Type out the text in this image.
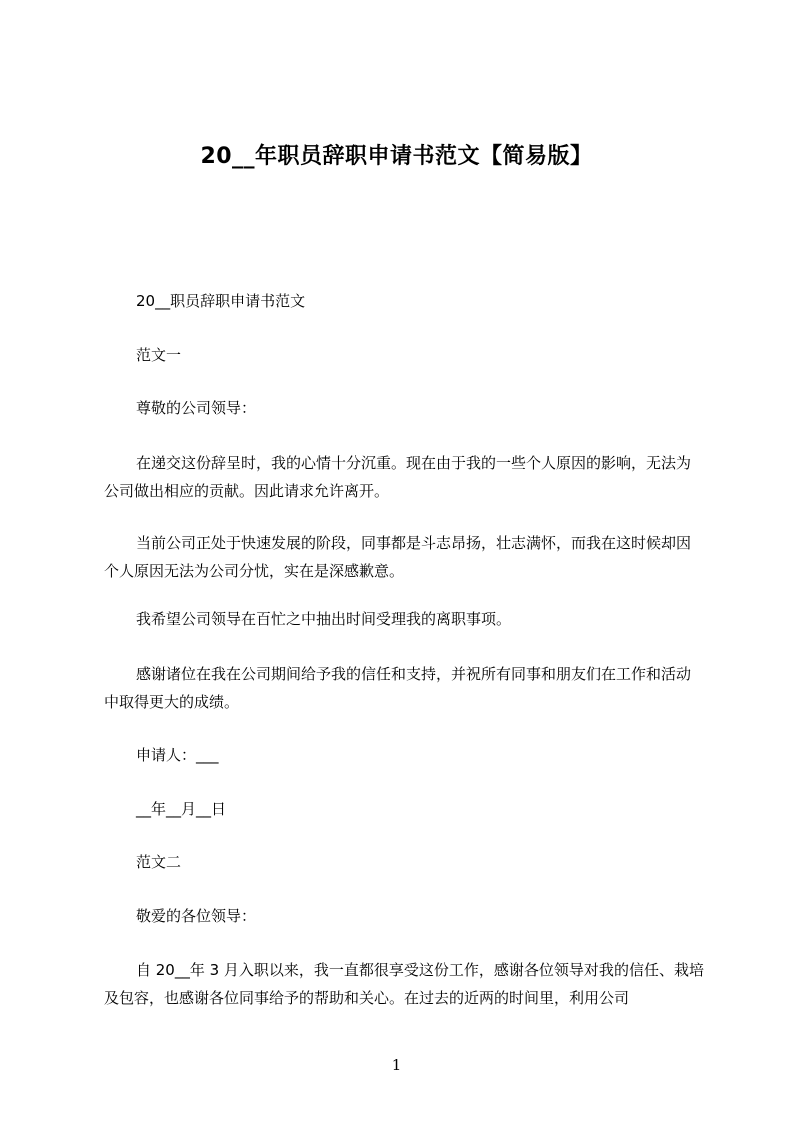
20__年职员辞职申请书范文【简易版】
20__职员辞职申请书范文
范文一
尊敬的公司领导：
在递交这份辞呈时，我的心情十分沉重。现在由于我的一些个人原因的影响，无法为公司做出相应的贡献。因此请求允许离开。
当前公司正处于快速发展的阶段，同事都是斗志昂扬，壮志满怀，而我在这时候却因个人原因无法为公司分忧，实在是深感歉意。
我希望公司领导在百忙之中抽出时间受理我的离职事项。
感谢诸位在我在公司期间给予我的信任和支持，并祝所有同事和朋友们在工作和活动中取得更大的成绩。
申请人：___
__年__月__日
范文二
敬爱的各位领导：
自 20__年 3 月入职以来，我一直都很享受这份工作，感谢各位领导对我的信任、栽培及包容，也感谢各位同事给予的帮助和关心。在过去的近两的时间里，利用公司
1
